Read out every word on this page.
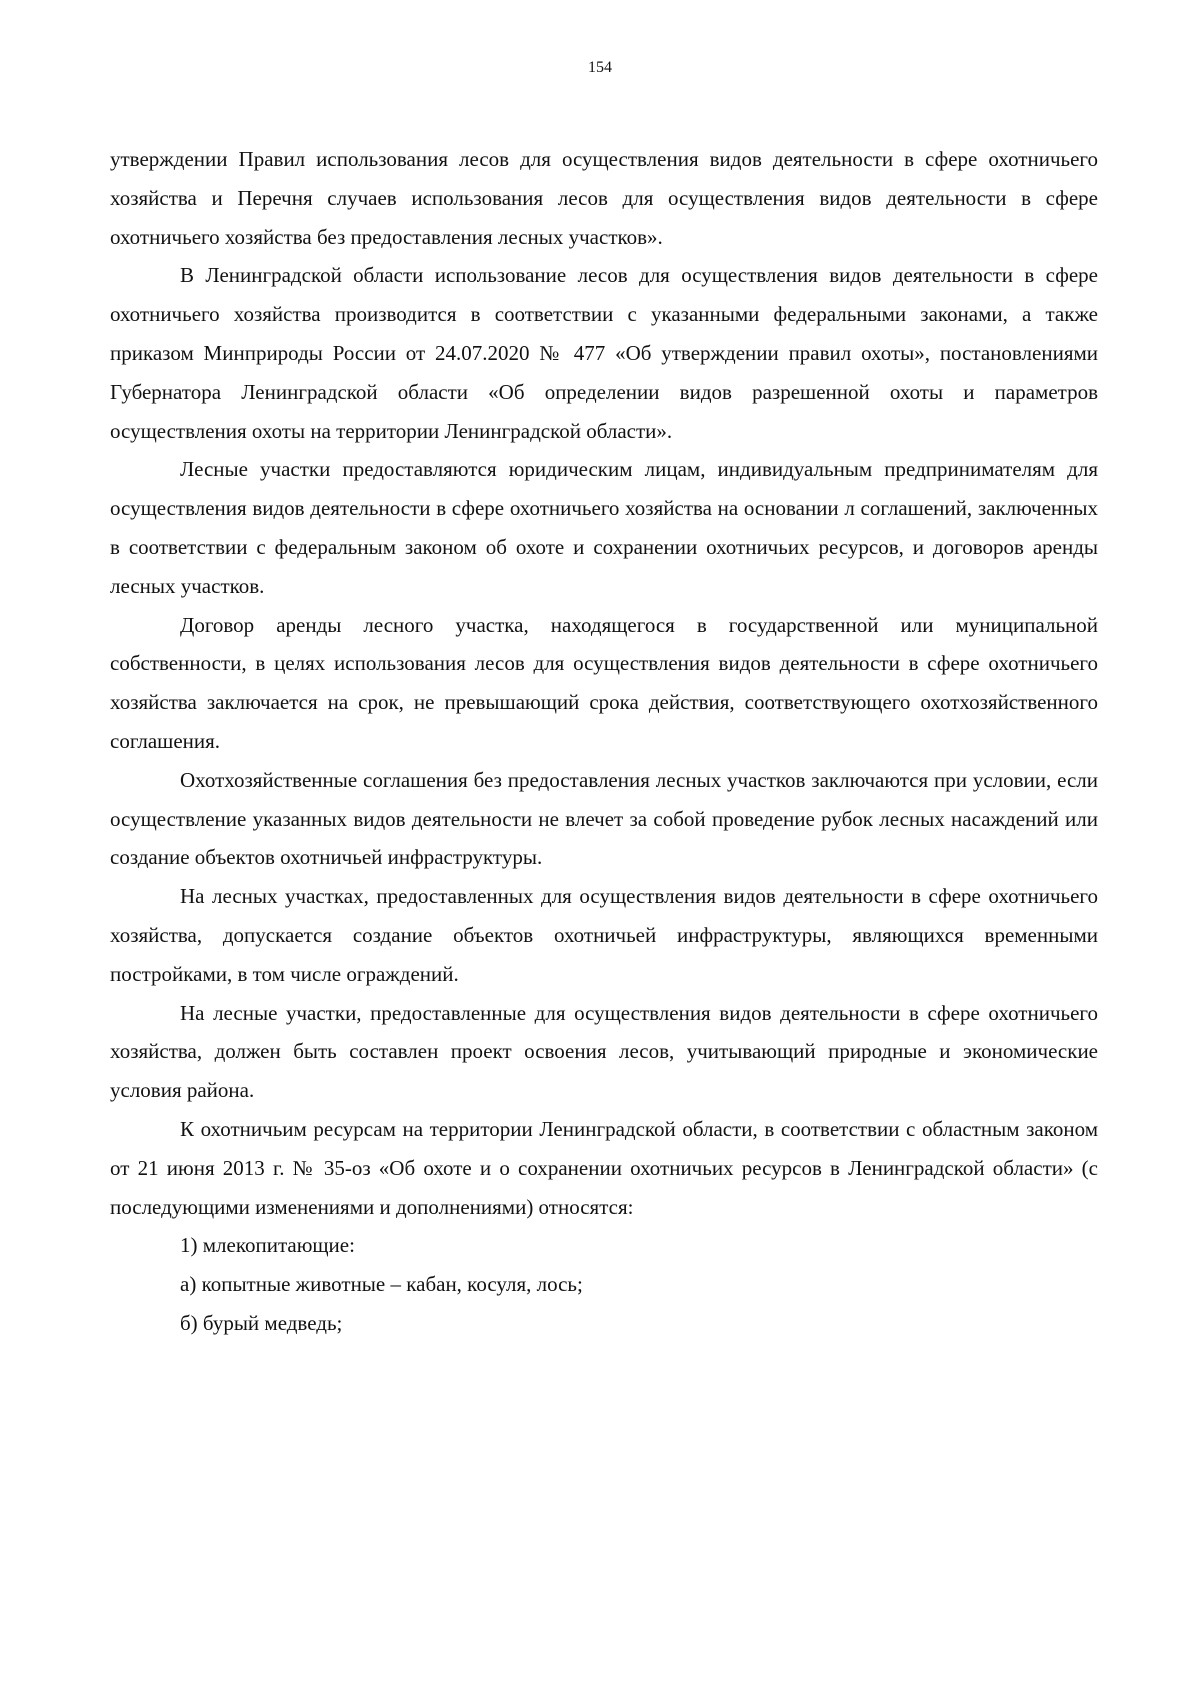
154

утверждении Правил использования лесов для осуществления видов деятельности в сфере охотничьего хозяйства и Перечня случаев использования лесов для осуществления видов деятельности в сфере охотничьего хозяйства без предоставления лесных участков».

В Ленинградской области использование лесов для осуществления видов деятельности в сфере охотничьего хозяйства производится в соответствии с указанными федеральными законами, а также приказом Минприроды России от 24.07.2020 № 477 «Об утверждении правил охоты», постановлениями Губернатора Ленинградской области «Об определении видов разрешенной охоты и параметров осуществления охоты на территории Ленинградской области».

Лесные участки предоставляются юридическим лицам, индивидуальным предпринимателям для осуществления видов деятельности в сфере охотничьего хозяйства на основании л соглашений, заключенных в соответствии с федеральным законом об охоте и сохранении охотничьих ресурсов, и договоров аренды лесных участков.

Договор аренды лесного участка, находящегося в государственной или муниципальной собственности, в целях использования лесов для осуществления видов деятельности в сфере охотничьего хозяйства заключается на срок, не превышающий срока действия, соответствующего охотхозяйственного соглашения.

Охотхозяйственные соглашения без предоставления лесных участков заключаются при условии, если осуществление указанных видов деятельности не влечет за собой проведение рубок лесных насаждений или создание объектов охотничьей инфраструктуры.

На лесных участках, предоставленных для осуществления видов деятельности в сфере охотничьего хозяйства, допускается создание объектов охотничьей инфраструктуры, являющихся временными постройками, в том числе ограждений.

На лесные участки, предоставленные для осуществления видов деятельности в сфере охотничьего хозяйства, должен быть составлен проект освоения лесов, учитывающий природные и экономические условия района.

К охотничьим ресурсам на территории Ленинградской области, в соответствии с областным законом от 21 июня 2013 г. № 35-оз «Об охоте и о сохранении охотничьих ресурсов в Ленинградской области» (с последующими изменениями и дополнениями) относятся:

1) млекопитающие:

а) копытные животные – кабан, косуля, лось;

б) бурый медведь;
